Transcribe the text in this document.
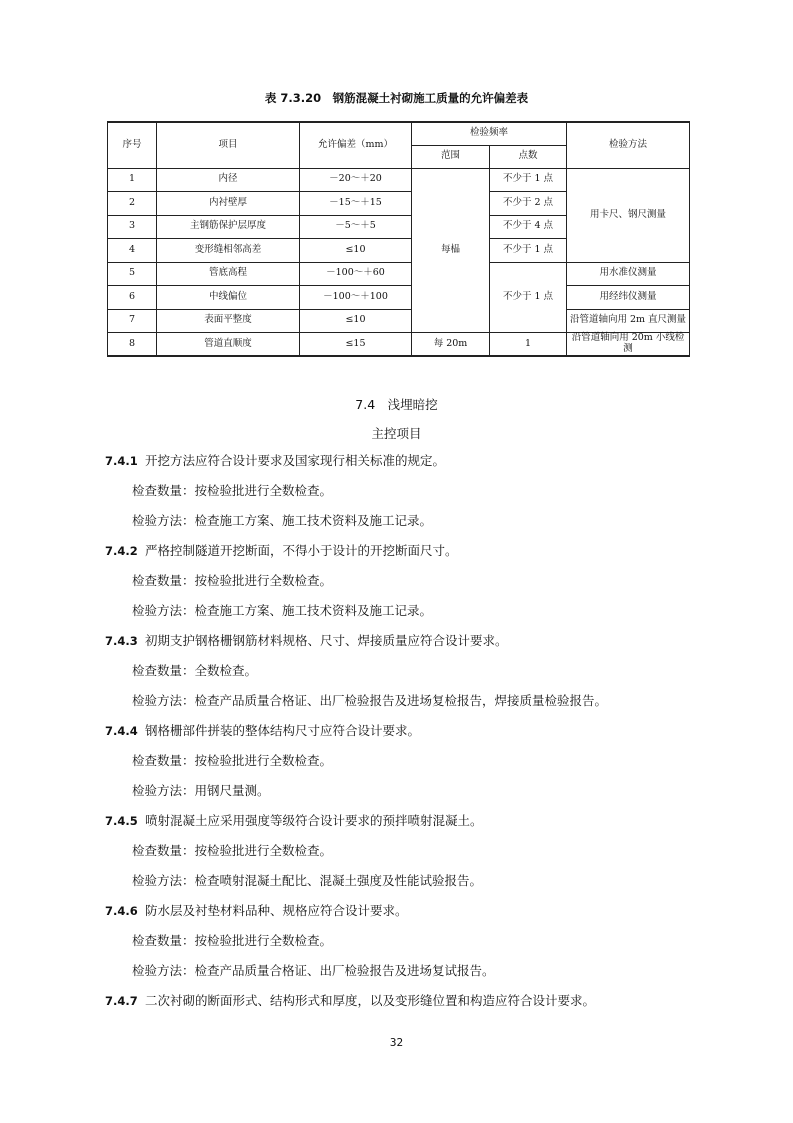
表 7.3.20　钢筋混凝土衬砌施工质量的允许偏差表
序号	项目	允许偏差（mm）	检验频率		检验方法
			范围	点数	
1	内径	－20～＋20	每榀	不少于 1 点	用卡尺、钢尺测量
2	内衬壁厚	－15～＋15		不少于 2 点	
3	主钢筋保护层厚度	－5～＋5		不少于 4 点	
4	变形缝相邻高差	≤10		不少于 1 点	
5	管底高程	－100～＋60		不少于 1 点	用水准仪测量
6	中线偏位	－100～＋100			用经纬仪测量
7	表面平整度	≤10			沿管道轴向用 2m 直尺测量
8	管道直顺度	≤15	每 20m	1	沿管道轴向用 20m 小线检测
7.4　浅埋暗挖
主控项目
7.4.1 开挖方法应符合设计要求及国家现行相关标准的规定。
检查数量：按检验批进行全数检查。
检验方法：检查施工方案、施工技术资料及施工记录。
7.4.2 严格控制隧道开挖断面，不得小于设计的开挖断面尺寸。
检查数量：按检验批进行全数检查。
检验方法：检查施工方案、施工技术资料及施工记录。
7.4.3 初期支护钢格栅钢筋材料规格、尺寸、焊接质量应符合设计要求。
检查数量：全数检查。
检验方法：检查产品质量合格证、出厂检验报告及进场复检报告，焊接质量检验报告。
7.4.4 钢格栅部件拼装的整体结构尺寸应符合设计要求。
检查数量：按检验批进行全数检查。
检验方法：用钢尺量测。
7.4.5 喷射混凝土应采用强度等级符合设计要求的预拌喷射混凝土。
检查数量：按检验批进行全数检查。
检验方法：检查喷射混凝土配比、混凝土强度及性能试验报告。
7.4.6 防水层及衬垫材料品种、规格应符合设计要求。
检查数量：按检验批进行全数检查。
检验方法：检查产品质量合格证、出厂检验报告及进场复试报告。
7.4.7 二次衬砌的断面形式、结构形式和厚度，以及变形缝位置和构造应符合设计要求。
32
